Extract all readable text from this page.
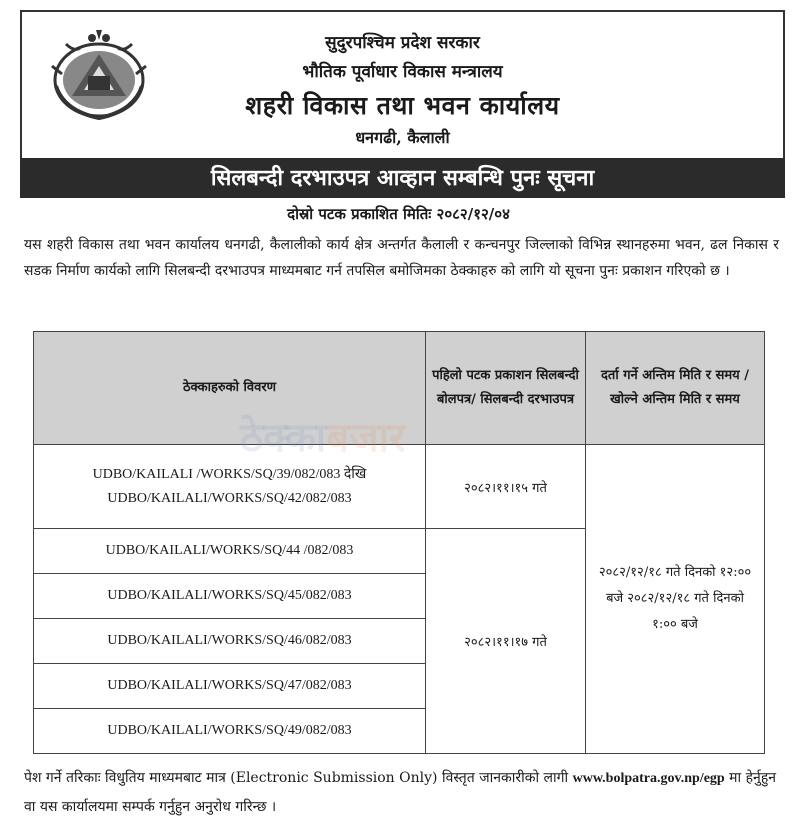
सुदुरपश्चिम प्रदेश सरकार
भौतिक पूर्वाधार विकास मन्त्रालय
शहरी विकास तथा भवन कार्यालय
धनगढी, कैलाली
सिलबन्दी दरभाउपत्र आव्हान सम्बन्धि पुनः सूचना
दोस्रो पटक प्रकाशित मितिः २०८२/१२/०४
यस शहरी विकास तथा भवन कार्यालय धनगढी, कैलालीको कार्य क्षेत्र अन्तर्गत कैलाली र कन्चनपुर जिल्लाको विभिन्न स्थानहरुमा भवन, ढल निकास र सडक निर्माण कार्यको लागि सिलबन्दी दरभाउपत्र माध्यमबाट गर्न तपसिल बमोजिमका ठेक्काहरु को लागि यो सूचना पुनः प्रकाशन गरिएको छ ।
ठेक्काहरुको विवरण	पहिलो पटक प्रकाशन सिलबन्दी बोलपत्र/ सिलबन्दी दरभाउपत्र	दर्ता गर्ने अन्तिम मिति र समय / खोल्ने अन्तिम मिति र समय

UDBO/KAILALI /WORKS/SQ/39/082/083 देखि
UDBO/KAILALI/WORKS/SQ/42/082/083	२०८२।११।१५ गते	२०८२/१२/१८ गते दिनको १२:०० बजे २०८२/१२/१८ गते दिनको १:०० बजे
UDBO/KAILALI/WORKS/SQ/44 /082/083	२०८२।११।१७ गते	
UDBO/KAILALI/WORKS/SQ/45/082/083		
UDBO/KAILALI/WORKS/SQ/46/082/083		
UDBO/KAILALI/WORKS/SQ/47/082/083		
UDBO/KAILALI/WORKS/SQ/49/082/083		
पेश गर्ने तरिकाः विधुतिय माध्यमबाट मात्र (Electronic Submission Only) विस्तृत जानकारीको लागी www.bolpatra.gov.np/egp मा हेर्नुहुन वा यस कार्यालयमा सम्पर्क गर्नुहुन अनुरोध गरिन्छ ।
